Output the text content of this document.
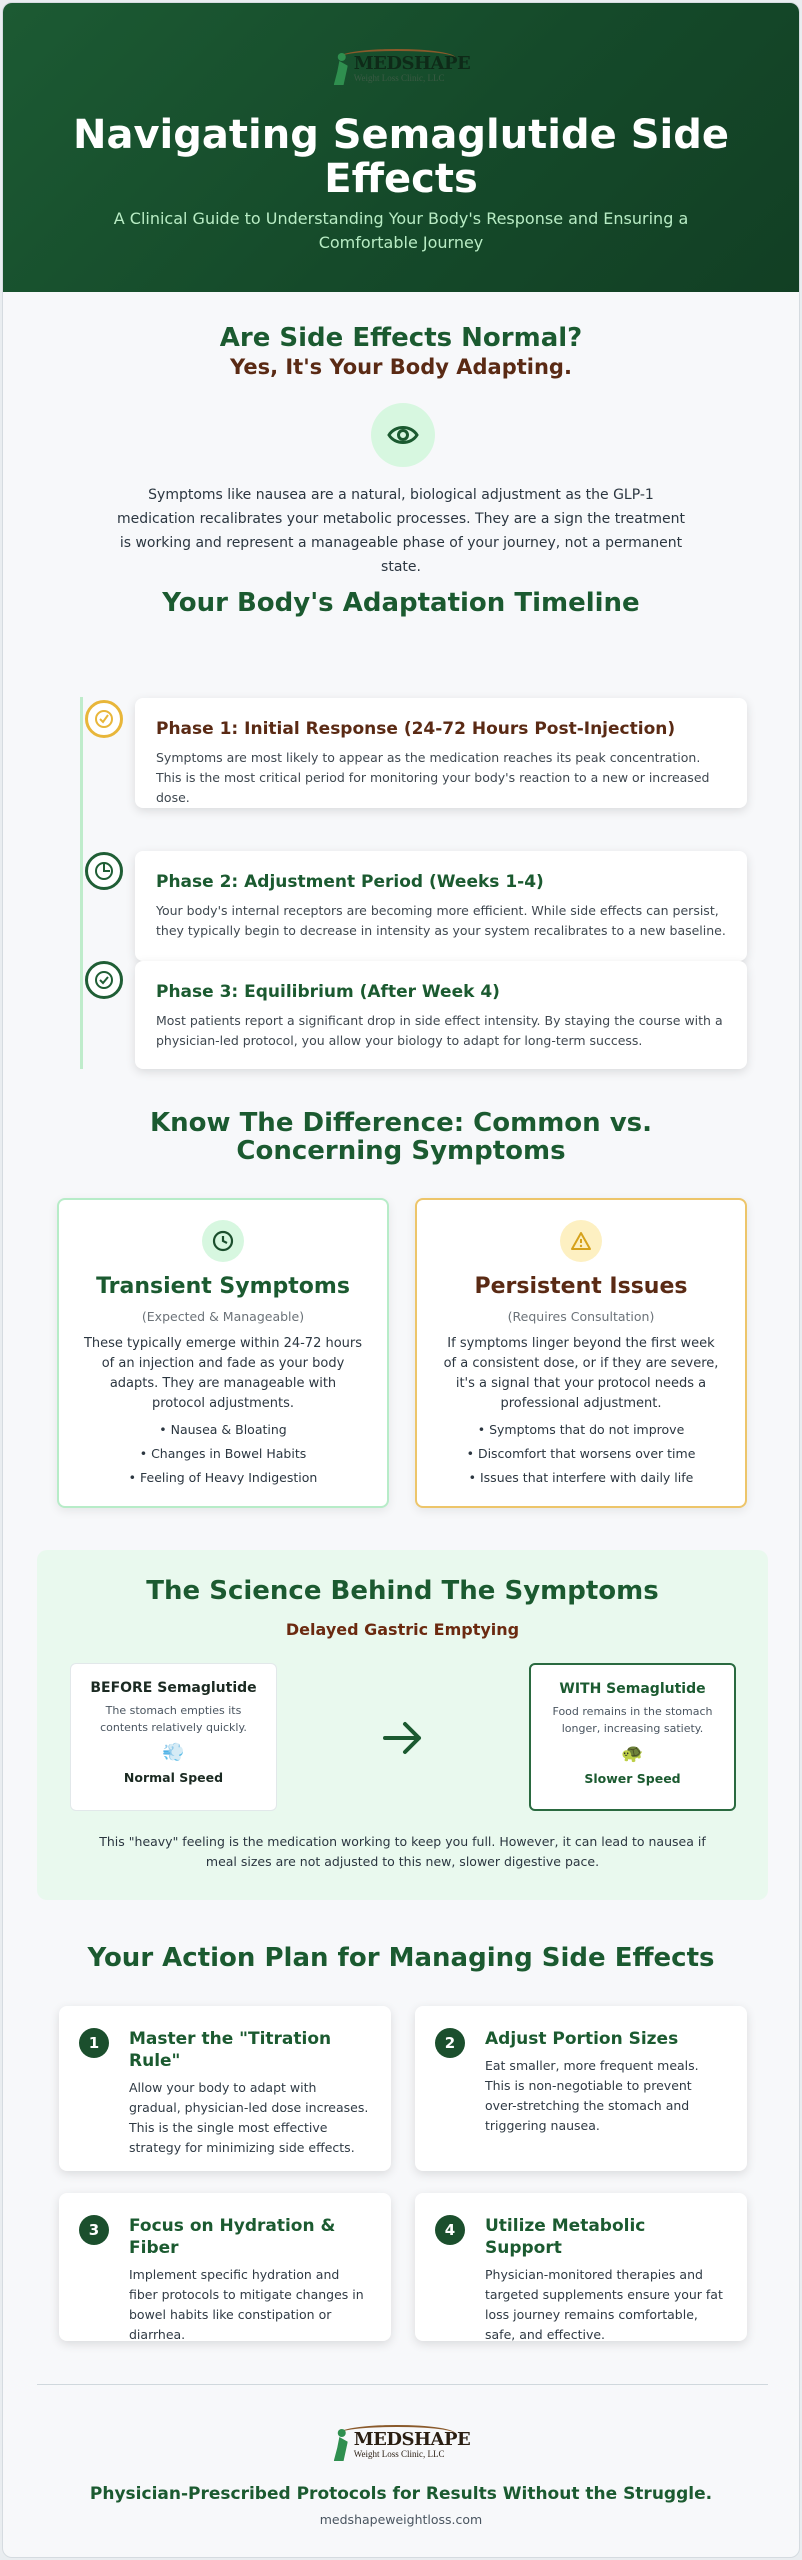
MEDSHAPE
Weight Loss Clinic, LLC
Navigating Semaglutide Side Effects
A Clinical Guide to Understanding Your Body's Response and Ensuring a Comfortable Journey
Are Side Effects Normal?
Yes, It's Your Body Adapting.
Symptoms like nausea are a natural, biological adjustment as the GLP-1 medication recalibrates your metabolic processes. They are a sign the treatment is working and represent a manageable phase of your journey, not a permanent state.
Your Body's Adaptation Timeline
Phase 1: Initial Response (24-72 Hours Post-Injection)

Symptoms are most likely to appear as the medication reaches its peak concentration. This is the most critical period for monitoring your body's reaction to a new or increased dose.

Phase 2: Adjustment Period (Weeks 1-4)

Your body's internal receptors are becoming more efficient. While side effects can persist, they typically begin to decrease in intensity as your system recalibrates to a new baseline.

Phase 3: Equilibrium (After Week 4)

Most patients report a significant drop in side effect intensity. By staying the course with a physician-led protocol, you allow your biology to adapt for long-term success.

Know The Difference: Common vs. Concerning Symptoms
Transient Symptoms
(Expected & Manageable)
These typically emerge within 24-72 hours of an injection and fade as your body adapts. They are manageable with protocol adjustments.
• Nausea & Bloating
• Changes in Bowel Habits
• Feeling of Heavy Indigestion
Persistent Issues
(Requires Consultation)
If symptoms linger beyond the first week of a consistent dose, or if they are severe, it's a signal that your protocol needs a professional adjustment.
• Symptoms that do not improve
• Discomfort that worsens over time
• Issues that interfere with daily life
The Science Behind The Symptoms
Delayed Gastric Emptying
BEFORE Semaglutide

The stomach empties its contents relatively quickly.

💨
Normal Speed
WITH Semaglutide

Food remains in the stomach longer, increasing satiety.

🐢
Slower Speed
This "heavy" feeling is the medication working to keep you full. However, it can lead to nausea if meal sizes are not adjusted to this new, slower digestive pace.
Your Action Plan for Managing Side Effects
1	Master the "Titration Rule"

Allow your body to adapt with gradual, physician-led dose increases. This is the single most effective strategy for minimizing side effects.

2	Adjust Portion Sizes

Eat smaller, more frequent meals. This is non-negotiable to prevent over-stretching the stomach and triggering nausea.

3	Focus on Hydration & Fiber

Implement specific hydration and fiber protocols to mitigate changes in bowel habits like constipation or diarrhea.

4	Utilize Metabolic Support

Physician-monitored therapies and targeted supplements ensure your fat loss journey remains comfortable, safe, and effective.

MEDSHAPE
Weight Loss Clinic, LLC
Physician-Prescribed Protocols for Results Without the Struggle.
medshapeweightloss.com
